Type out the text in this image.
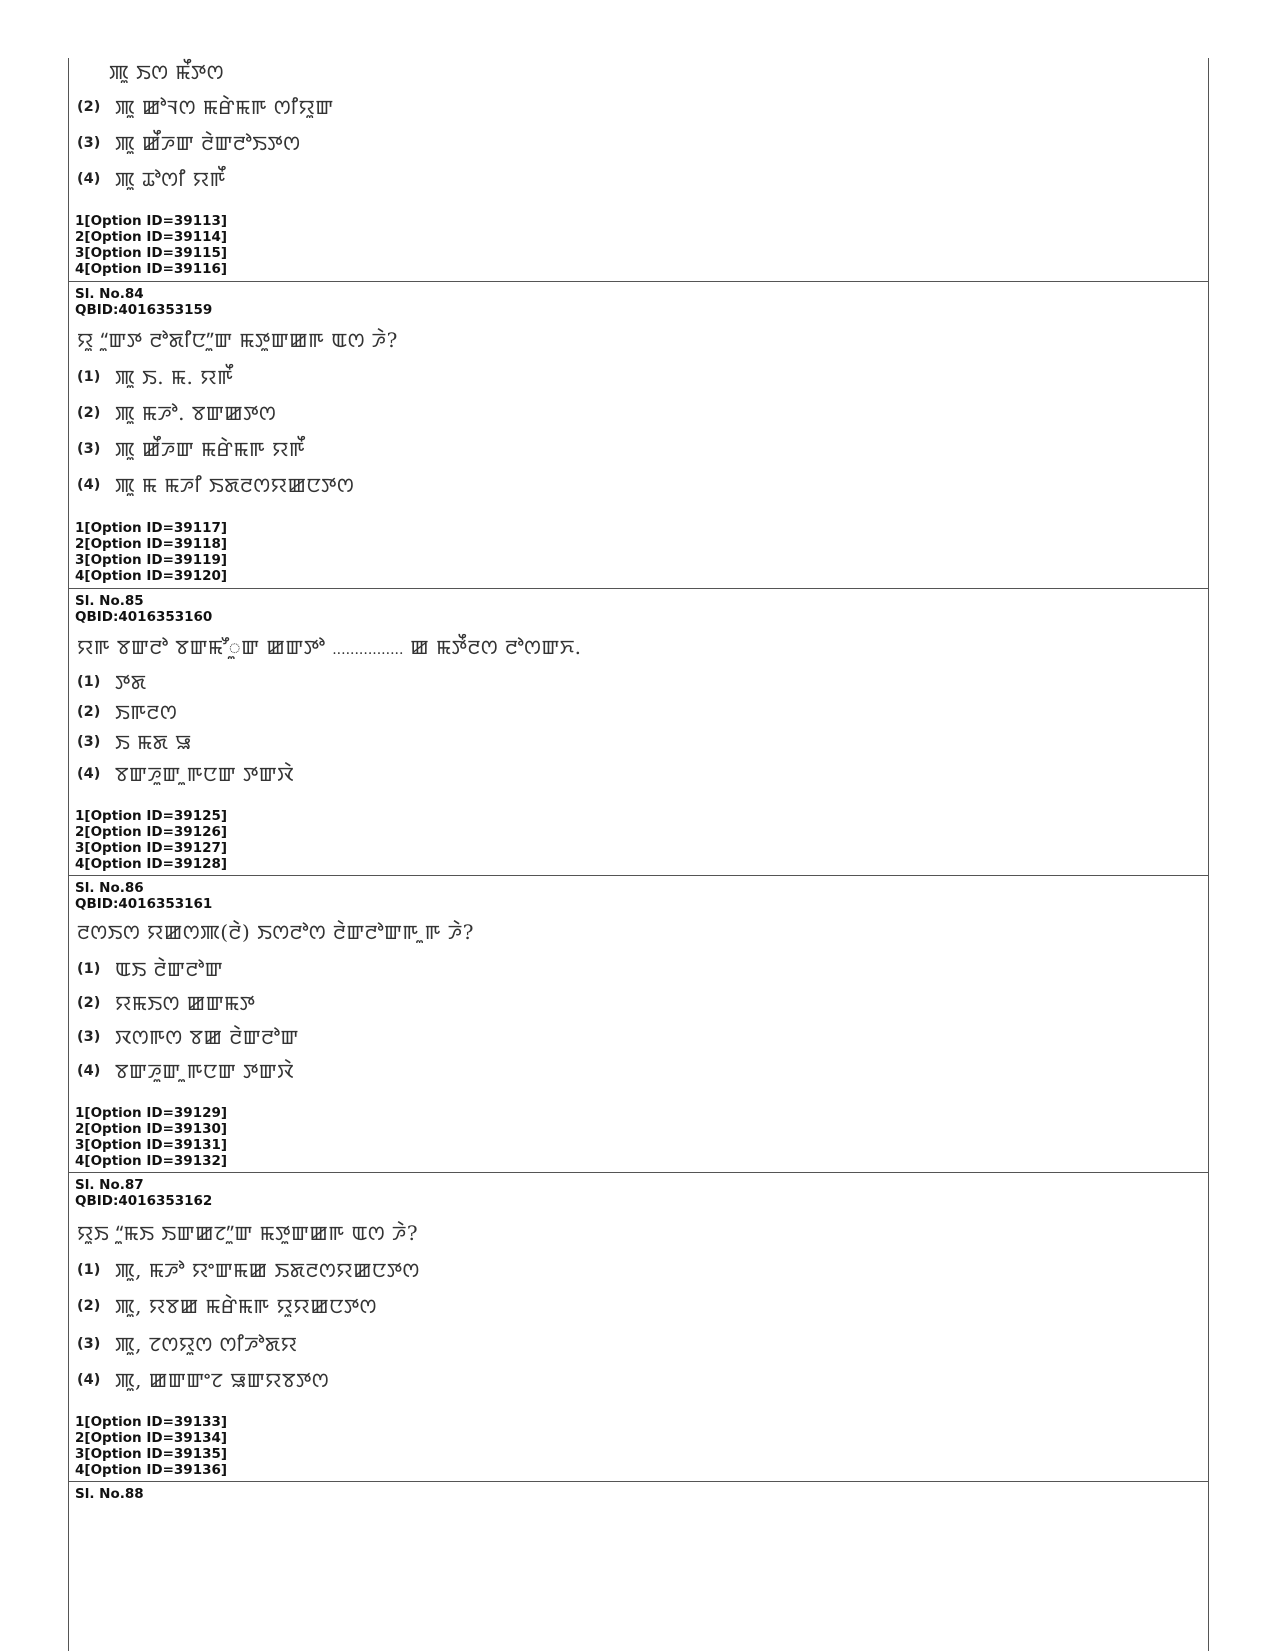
ꯄꯨ ꯏꯁ ꯃꯩꯇꯁ
(2) ꯄꯨ ꯀꯣꯜꯁ ꯃꯔꯥꯃꯒ ꯁꯤꯌꯨꯛ
(3) ꯄꯨ ꯀꯩꯍꯛ ꯂꯥꯛꯂꯣꯏꯇꯁ
(4) ꯄꯨ ꯊꯣꯁꯤ ꯌꯒꯩ
1[Option ID=39113]
2[Option ID=39114]
3[Option ID=39115]
4[Option ID=39116]
Sl. No.84
QBID:4016353159
ꯌꯨ “ꯨꯛꯇ ꯂꯣꯗꯤꯅ”ꯨꯛ ꯃꯇꯨꯛꯀꯒ ꯑꯁ ꯍꯥ?
(1) ꯄꯨ ꯏ. ꯃ. ꯌꯒꯩ
(2) ꯄꯨ ꯃꯍꯣ. ꯕꯛꯀꯇꯁ
(3) ꯄꯨ ꯀꯩꯍꯛ ꯃꯔꯥꯃꯒ ꯌꯒꯩ
(4) ꯄꯨ ꯃ ꯃꯍꯤ ꯏꯗꯂꯁꯌꯀꯅꯇꯁ
1[Option ID=39117]
2[Option ID=39118]
3[Option ID=39119]
4[Option ID=39120]
Sl. No.85
QBID:4016353160
ꯌꯒ ꯕꯛꯂꯣ ꯕꯛꯃꯧꯨꯛ ꯀꯛꯇꯣ ................ ꯀ ꯃꯇꯩꯂꯁ ꯂꯣꯁꯛꯈ.
(1) ꯇꯗ
(2) ꯏꯒꯂꯁ
(3) ꯏ ꯃꯗ ꯎ
(4) ꯕꯛꯍꯨꯛ ꯨꯒꯅꯛ ꯇꯛꯋꯥ
1[Option ID=39125]
2[Option ID=39126]
3[Option ID=39127]
4[Option ID=39128]
Sl. No.86
QBID:4016353161
ꯂꯁꯏꯁ ꯌꯀꯁꯄ(ꯂꯥ) ꯏꯁꯂꯣꯁ ꯂꯥꯛꯂꯣꯛꯒ ꯨꯒ ꯍꯥ?
(1) ꯑꯏ ꯂꯥꯛꯂꯣꯛ
(2) ꯌꯃꯏꯁ ꯀꯛꯃꯇ
(3) ꯋꯁꯒꯁ ꯕꯀ ꯂꯥꯛꯂꯣꯛ
(4) ꯕꯛꯍꯨꯛ ꯨꯒꯅꯛ ꯇꯛꯋꯥ
1[Option ID=39129]
2[Option ID=39130]
3[Option ID=39131]
4[Option ID=39132]
Sl. No.87
QBID:4016353162
ꯌꯨꯏ “ꯨꯃꯏ ꯏꯛꯀꯖ”ꯨꯛ ꯃꯇꯨꯛꯀꯒ ꯑꯁ ꯍꯥ?
(1) ꯄꯨ, ꯃꯍꯣ ꯌꯦꯛꯃꯀ ꯏꯗꯂꯁꯌꯀꯅꯇꯁ
(2) ꯄꯨ, ꯌꯕꯀ ꯃꯔꯥꯃꯒ ꯌꯨꯌꯀꯅꯇꯁ
(3) ꯄꯨ, ꯖꯁꯌꯨꯁ ꯁꯤꯍꯣꯗꯌ
(4) ꯄꯨ, ꯀꯛꯛꯦꯖ ꯎꯛꯌꯕꯇꯁ
1[Option ID=39133]
2[Option ID=39134]
3[Option ID=39135]
4[Option ID=39136]
Sl. No.88
